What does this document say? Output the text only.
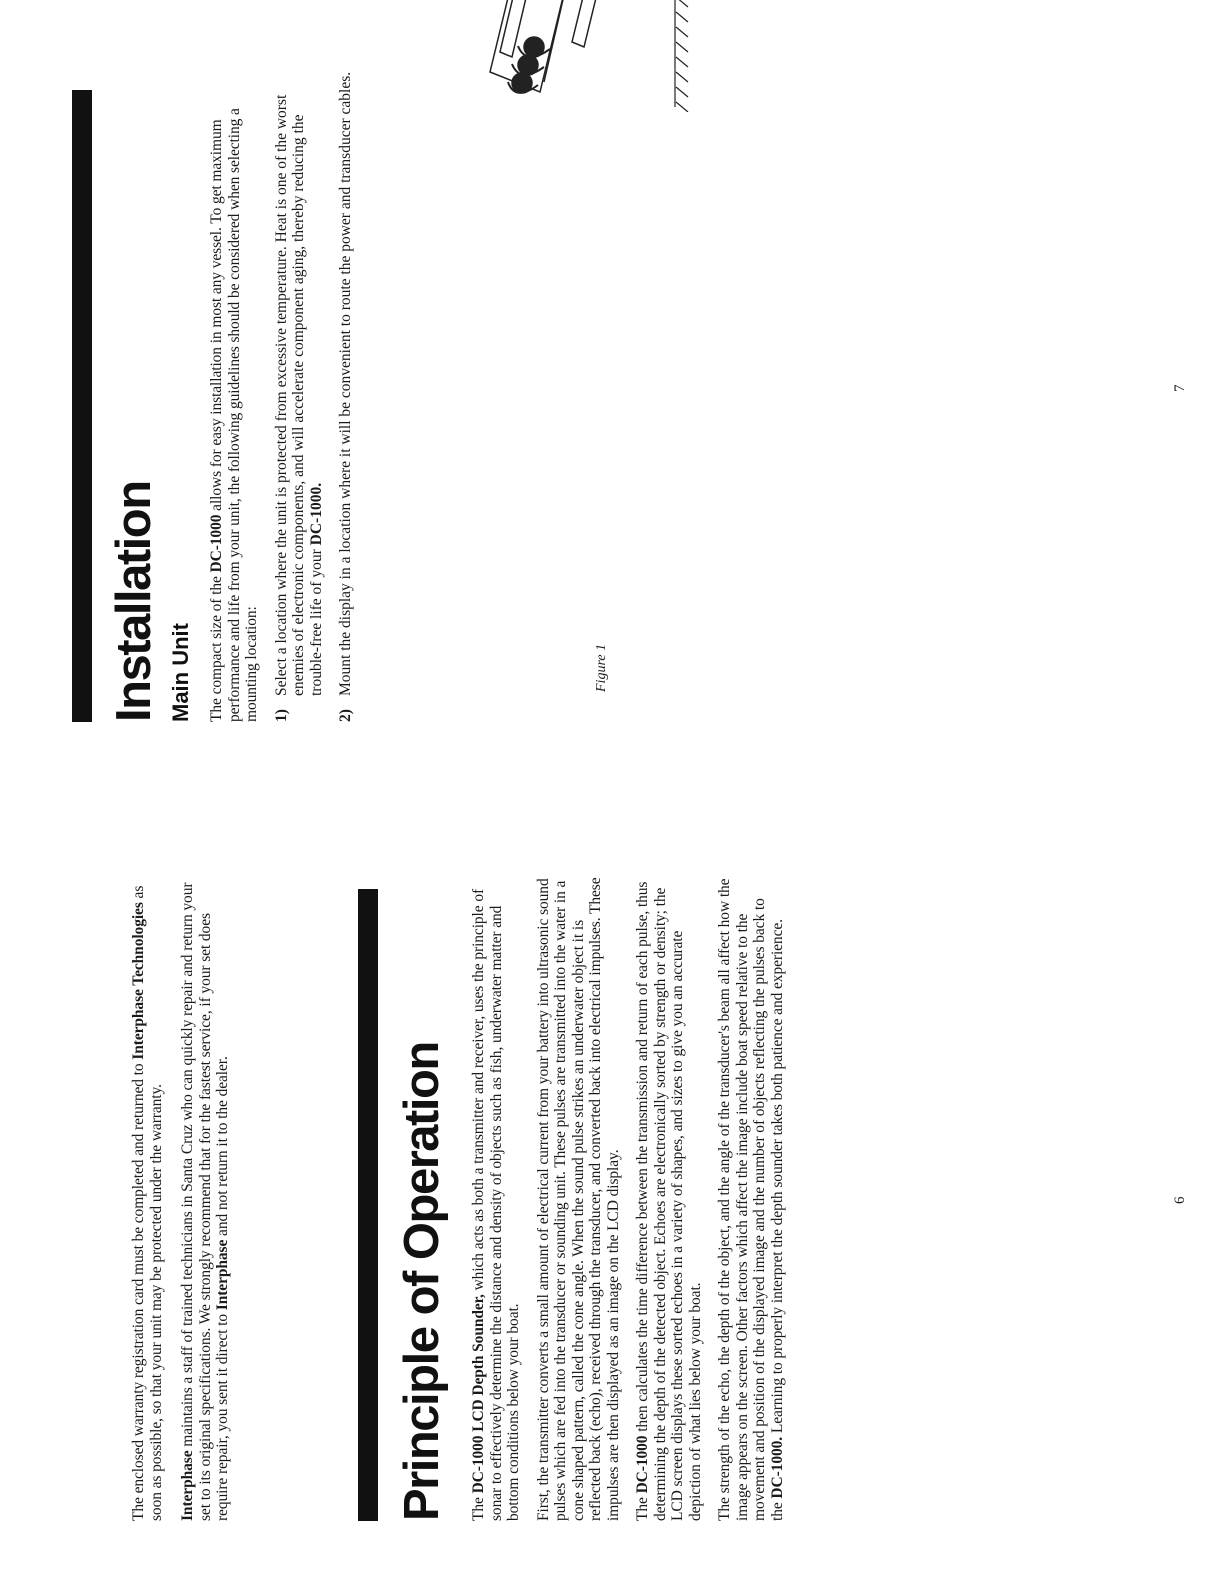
The enclosed warranty registration card must be completed and returned to Interphase Technologies as soon as possible, so that your unit may be protected under the warranty. Interphase maintains a staff of trained technicians in Santa Cruz who can quickly repair and return your set to its original specifications. We strongly recommend that for the fastest service, if your set does require repair, you sent it direct to Interphase and not return it to the dealer.	Principle of Operation The DC-1000 LCD Depth Sounder, which acts as both a transmitter and receiver, uses the principle of sonar to effectively determine the distance and density of objects such as fish, underwater matter and bottom conditions below your boat. First, the transmitter converts a small amount of electrical current from your battery into ultrasonic sound pulses which are fed into the transducer or sounding unit. These pulses are transmitted into the water in a cone shaped pattern, called the cone angle. When the sound pulse strikes an underwater object it is reflected back (echo), received through the transducer, and converted back into electrical impulses. These impulses are then displayed as an image on the LCD display. The DC-1000 then calculates the time difference between the transmission and return of each pulse, thus determining the depth of the detected object. Echoes are electronically sorted by strength or density; the LCD screen displays these sorted echoes in a variety of shapes, and sizes to give you an accurate depiction of what lies below your boat. The strength of the echo, the depth of the object, and the angle of the transducer's beam all affect how the image appears on the screen. Other factors which affect the image include boat speed relative to the movement and position of the displayed image and the number of objects reflecting the pulses back to the DC-1000. Learning to properly interpret the depth sounder takes both patience and experience.	6
Installation Main Unit The compact size of the DC-1000 allows for easy installation in most any vessel. To get maximum performance and life from your unit, the following guidelines should be considered when selecting a mounting location: 1)
Select a location where the unit is protected from excessive temperature. Heat is one of the worst enemies of electronic components, and will accelerate component aging, thereby reducing the trouble-free life of your DC-1000.
2)
Mount the display in a location where it will be convenient to route the power and transducer cables.	Figure 1
7
